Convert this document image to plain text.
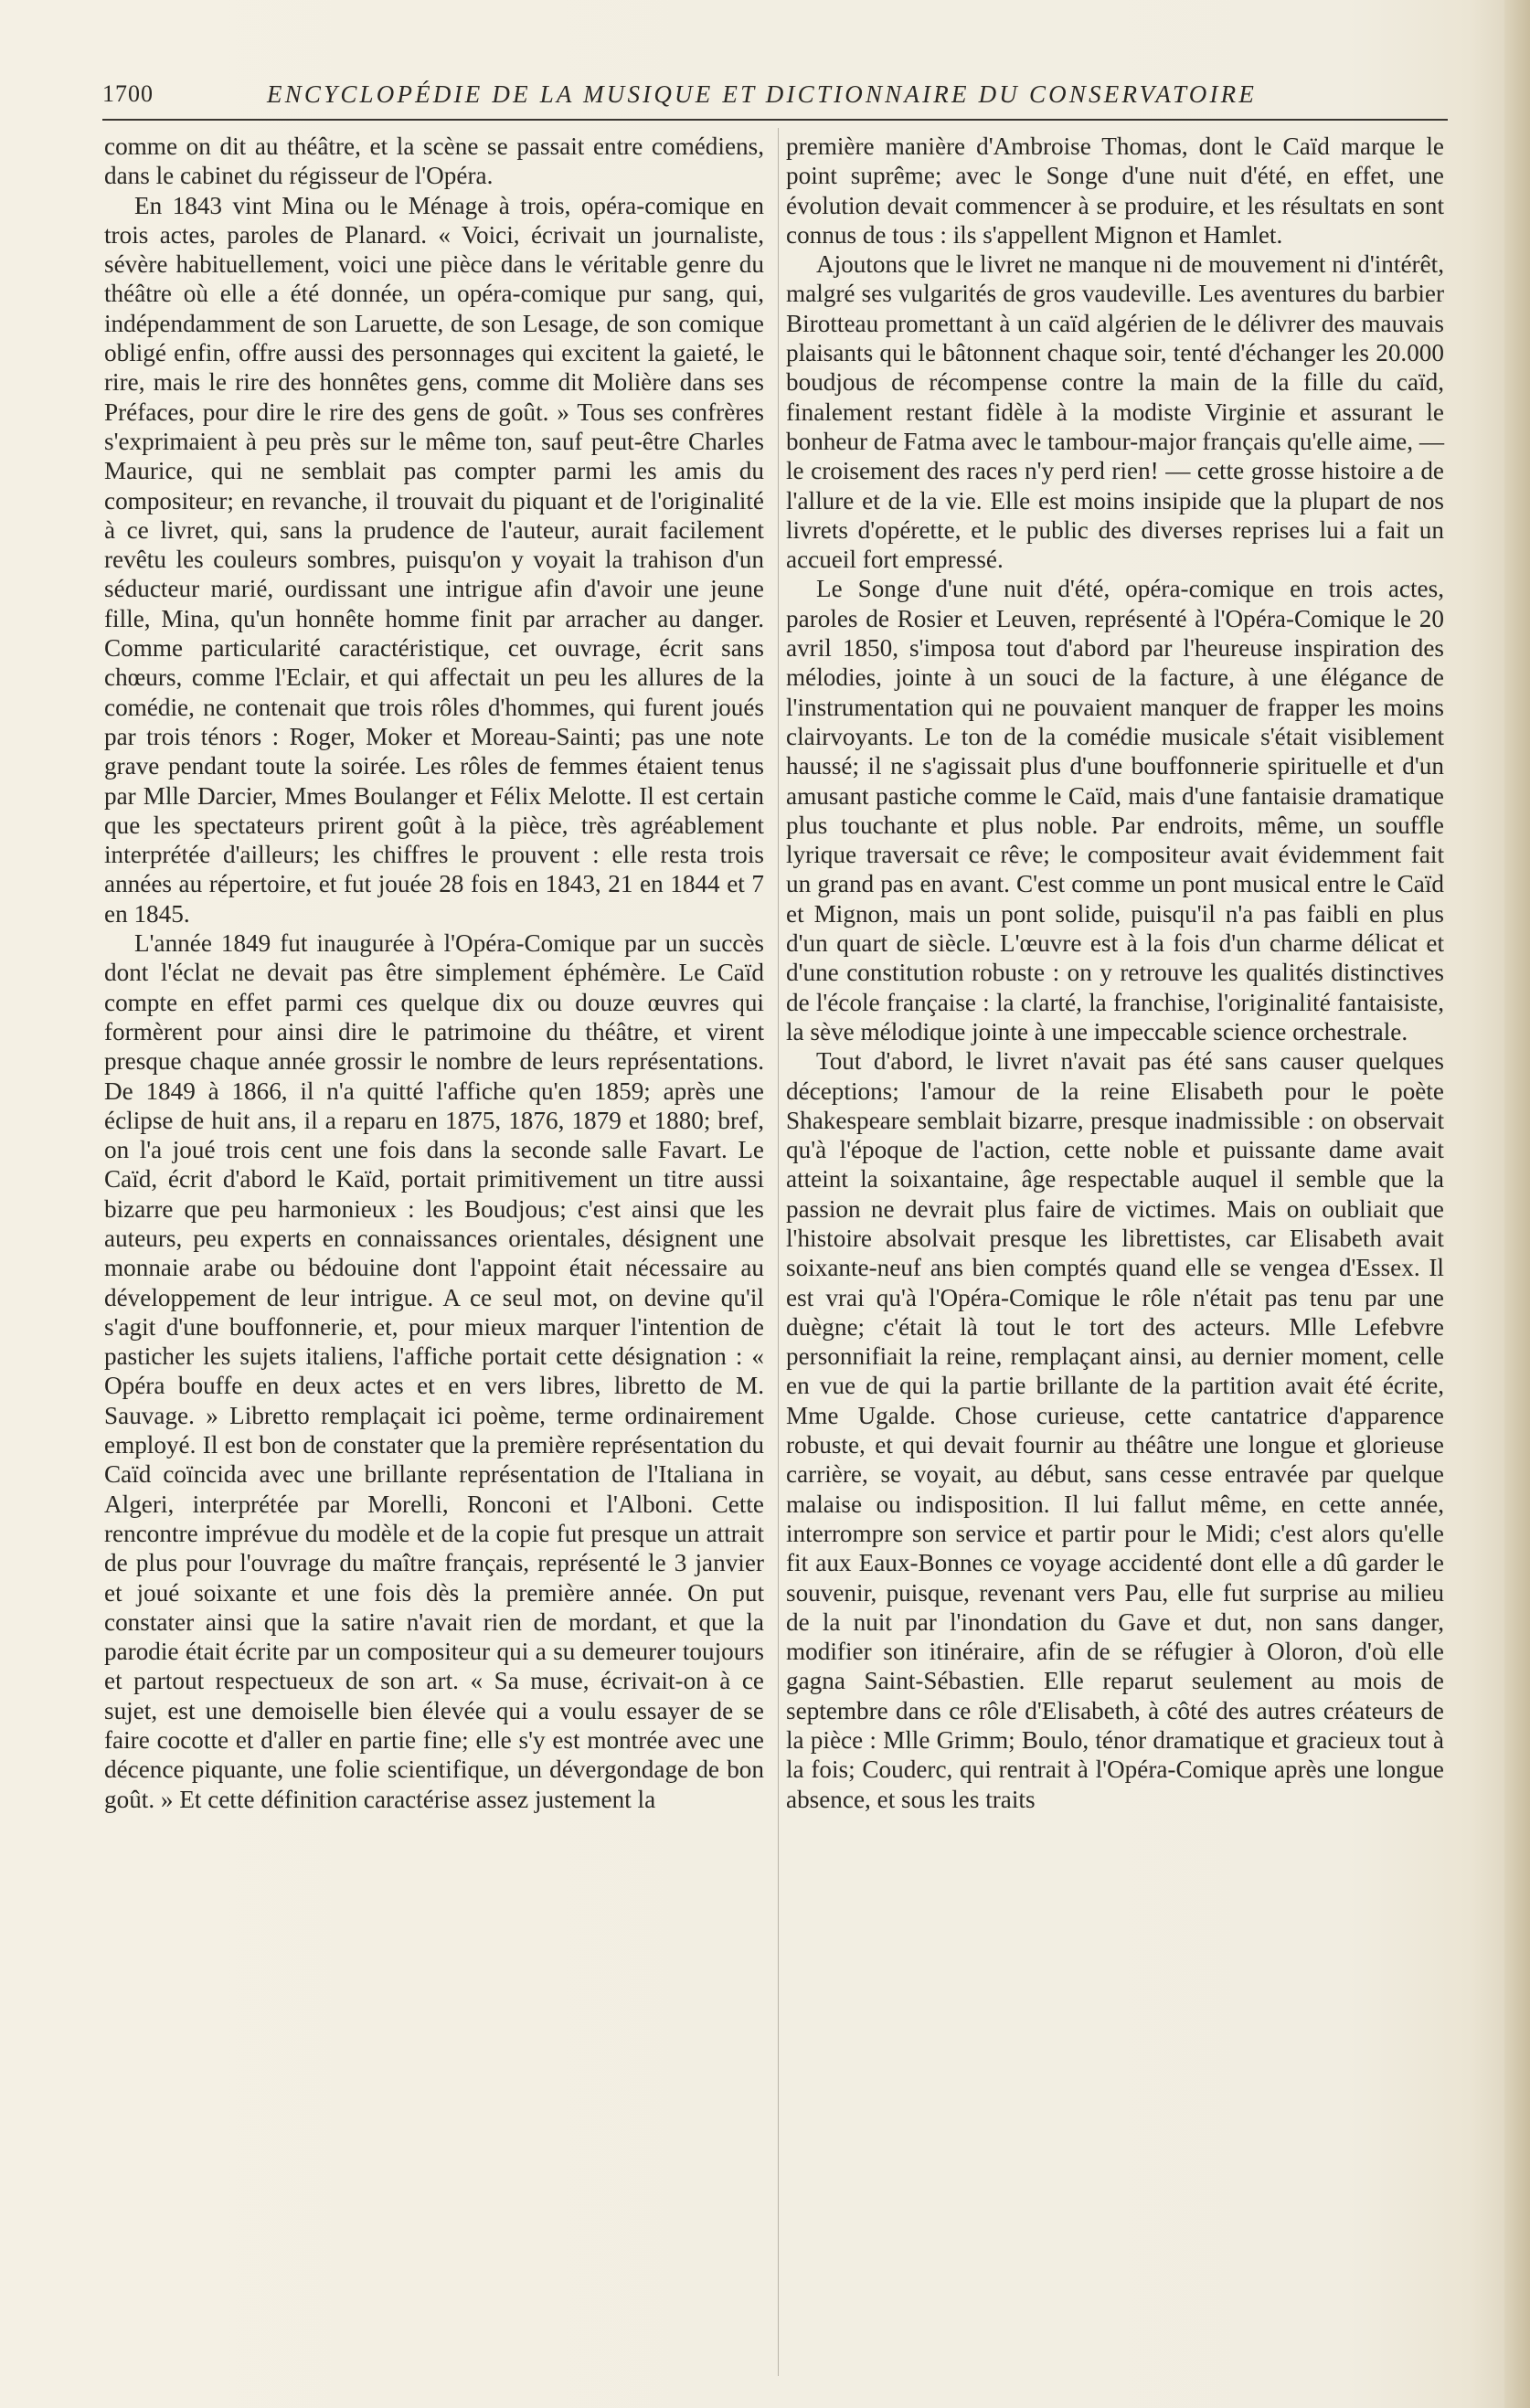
1700	ENCYCLOPÉDIE DE LA MUSIQUE ET DICTIONNAIRE DU CONSERVATOIRE

comme on dit au théâtre, et la scène se passait entre comédiens, dans le cabinet du régisseur de l'Opéra.

En 1843 vint Mina ou le Ménage à trois, opéra-comique en trois actes, paroles de Planard. « Voici, écrivait un journaliste, sévère habituellement, voici une pièce dans le véritable genre du théâtre où elle a été donnée, un opéra-comique pur sang, qui, indépendamment de son Laruette, de son Lesage, de son comique obligé enfin, offre aussi des personnages qui excitent la gaieté, le rire, mais le rire des honnêtes gens, comme dit Molière dans ses Préfaces, pour dire le rire des gens de goût. » Tous ses confrères s'exprimaient à peu près sur le même ton, sauf peut-être Charles Maurice, qui ne semblait pas compter parmi les amis du compositeur; en revanche, il trouvait du piquant et de l'originalité à ce livret, qui, sans la prudence de l'auteur, aurait facilement revêtu les couleurs sombres, puisqu'on y voyait la trahison d'un séducteur marié, ourdissant une intrigue afin d'avoir une jeune fille, Mina, qu'un honnête homme finit par arracher au danger. Comme particularité caractéristique, cet ouvrage, écrit sans chœurs, comme l'Eclair, et qui affectait un peu les allures de la comédie, ne contenait que trois rôles d'hommes, qui furent joués par trois ténors : Roger, Moker et Moreau-Sainti; pas une note grave pendant toute la soirée. Les rôles de femmes étaient tenus par Mlle Darcier, Mmes Boulanger et Félix Melotte. Il est certain que les spectateurs prirent goût à la pièce, très agréablement interprétée d'ailleurs; les chiffres le prouvent : elle resta trois années au répertoire, et fut jouée 28 fois en 1843, 21 en 1844 et 7 en 1845.

L'année 1849 fut inaugurée à l'Opéra-Comique par un succès dont l'éclat ne devait pas être simplement éphémère. Le Caïd compte en effet parmi ces quelque dix ou douze œuvres qui formèrent pour ainsi dire le patrimoine du théâtre, et virent presque chaque année grossir le nombre de leurs représentations. De 1849 à 1866, il n'a quitté l'affiche qu'en 1859; après une éclipse de huit ans, il a reparu en 1875, 1876, 1879 et 1880; bref, on l'a joué trois cent une fois dans la seconde salle Favart. Le Caïd, écrit d'abord le Kaïd, portait primitivement un titre aussi bizarre que peu harmonieux : les Boudjous; c'est ainsi que les auteurs, peu experts en connaissances orientales, désignent une monnaie arabe ou bédouine dont l'appoint était nécessaire au développement de leur intrigue. A ce seul mot, on devine qu'il s'agit d'une bouffonnerie, et, pour mieux marquer l'intention de pasticher les sujets italiens, l'affiche portait cette désignation : « Opéra bouffe en deux actes et en vers libres, libretto de M. Sauvage. » Libretto remplaçait ici poème, terme ordinairement employé. Il est bon de constater que la première représentation du Caïd coïncida avec une brillante représentation de l'Italiana in Algeri, interprétée par Morelli, Ronconi et l'Alboni. Cette rencontre imprévue du modèle et de la copie fut presque un attrait de plus pour l'ouvrage du maître français, représenté le 3 janvier et joué soixante et une fois dès la première année. On put constater ainsi que la satire n'avait rien de mordant, et que la parodie était écrite par un compositeur qui a su demeurer toujours et partout respectueux de son art. « Sa muse, écrivait-on à ce sujet, est une demoiselle bien élevée qui a voulu essayer de se faire cocotte et d'aller en partie fine; elle s'y est montrée avec une décence piquante, une folie scientifique, un dévergondage de bon goût. » Et cette définition caractérise assez justement la

première manière d'Ambroise Thomas, dont le Caïd marque le point suprême; avec le Songe d'une nuit d'été, en effet, une évolution devait commencer à se produire, et les résultats en sont connus de tous : ils s'appellent Mignon et Hamlet.

Ajoutons que le livret ne manque ni de mouvement ni d'intérêt, malgré ses vulgarités de gros vaudeville. Les aventures du barbier Birotteau promettant à un caïd algérien de le délivrer des mauvais plaisants qui le bâtonnent chaque soir, tenté d'échanger les 20.000 boudjous de récompense contre la main de la fille du caïd, finalement restant fidèle à la modiste Virginie et assurant le bonheur de Fatma avec le tambour-major français qu'elle aime, — le croisement des races n'y perd rien! — cette grosse histoire a de l'allure et de la vie. Elle est moins insipide que la plupart de nos livrets d'opérette, et le public des diverses reprises lui a fait un accueil fort empressé.

Le Songe d'une nuit d'été, opéra-comique en trois actes, paroles de Rosier et Leuven, représenté à l'Opéra-Comique le 20 avril 1850, s'imposa tout d'abord par l'heureuse inspiration des mélodies, jointe à un souci de la facture, à une élégance de l'instrumentation qui ne pouvaient manquer de frapper les moins clairvoyants. Le ton de la comédie musicale s'était visiblement haussé; il ne s'agissait plus d'une bouffonnerie spirituelle et d'un amusant pastiche comme le Caïd, mais d'une fantaisie dramatique plus touchante et plus noble. Par endroits, même, un souffle lyrique traversait ce rêve; le compositeur avait évidemment fait un grand pas en avant. C'est comme un pont musical entre le Caïd et Mignon, mais un pont solide, puisqu'il n'a pas faibli en plus d'un quart de siècle. L'œuvre est à la fois d'un charme délicat et d'une constitution robuste : on y retrouve les qualités distinctives de l'école française : la clarté, la franchise, l'originalité fantaisiste, la sève mélodique jointe à une impeccable science orchestrale.

Tout d'abord, le livret n'avait pas été sans causer quelques déceptions; l'amour de la reine Elisabeth pour le poète Shakespeare semblait bizarre, presque inadmissible : on observait qu'à l'époque de l'action, cette noble et puissante dame avait atteint la soixantaine, âge respectable auquel il semble que la passion ne devrait plus faire de victimes. Mais on oubliait que l'histoire absolvait presque les librettistes, car Elisabeth avait soixante-neuf ans bien comptés quand elle se vengea d'Essex. Il est vrai qu'à l'Opéra-Comique le rôle n'était pas tenu par une duègne; c'était là tout le tort des acteurs. Mlle Lefebvre personnifiait la reine, remplaçant ainsi, au dernier moment, celle en vue de qui la partie brillante de la partition avait été écrite, Mme Ugalde. Chose curieuse, cette cantatrice d'apparence robuste, et qui devait fournir au théâtre une longue et glorieuse carrière, se voyait, au début, sans cesse entravée par quelque malaise ou indisposition. Il lui fallut même, en cette année, interrompre son service et partir pour le Midi; c'est alors qu'elle fit aux Eaux-Bonnes ce voyage accidenté dont elle a dû garder le souvenir, puisque, revenant vers Pau, elle fut surprise au milieu de la nuit par l'inondation du Gave et dut, non sans danger, modifier son itinéraire, afin de se réfugier à Oloron, d'où elle gagna Saint-Sébastien. Elle reparut seulement au mois de septembre dans ce rôle d'Elisabeth, à côté des autres créateurs de la pièce : Mlle Grimm; Boulo, ténor dramatique et gracieux tout à la fois; Couderc, qui rentrait à l'Opéra-Comique après une longue absence, et sous les traits
